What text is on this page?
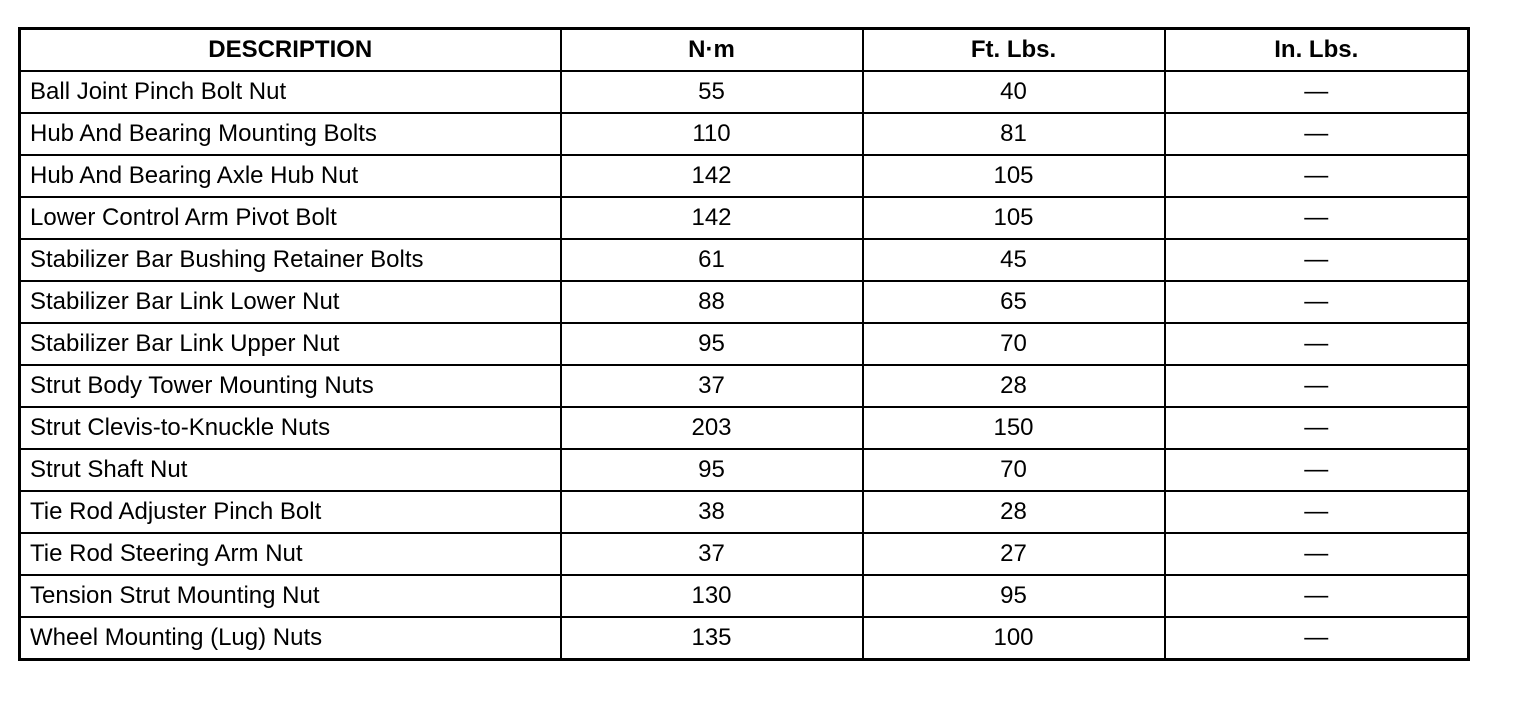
DESCRIPTION	N·m	Ft. Lbs.	In. Lbs.
Ball Joint Pinch Bolt Nut	55	40	—
Hub And Bearing Mounting Bolts	110	81	—
Hub And Bearing Axle Hub Nut	142	105	—
Lower Control Arm Pivot Bolt	142	105	—
Stabilizer Bar Bushing Retainer Bolts	61	45	—
Stabilizer Bar Link Lower Nut	88	65	—
Stabilizer Bar Link Upper Nut	95	70	—
Strut Body Tower Mounting Nuts	37	28	—
Strut Clevis-to-Knuckle Nuts	203	150	—
Strut Shaft Nut	95	70	—
Tie Rod Adjuster Pinch Bolt	38	28	—
Tie Rod Steering Arm Nut	37	27	—
Tension Strut Mounting Nut	130	95	—
Wheel Mounting (Lug) Nuts	135	100	—
